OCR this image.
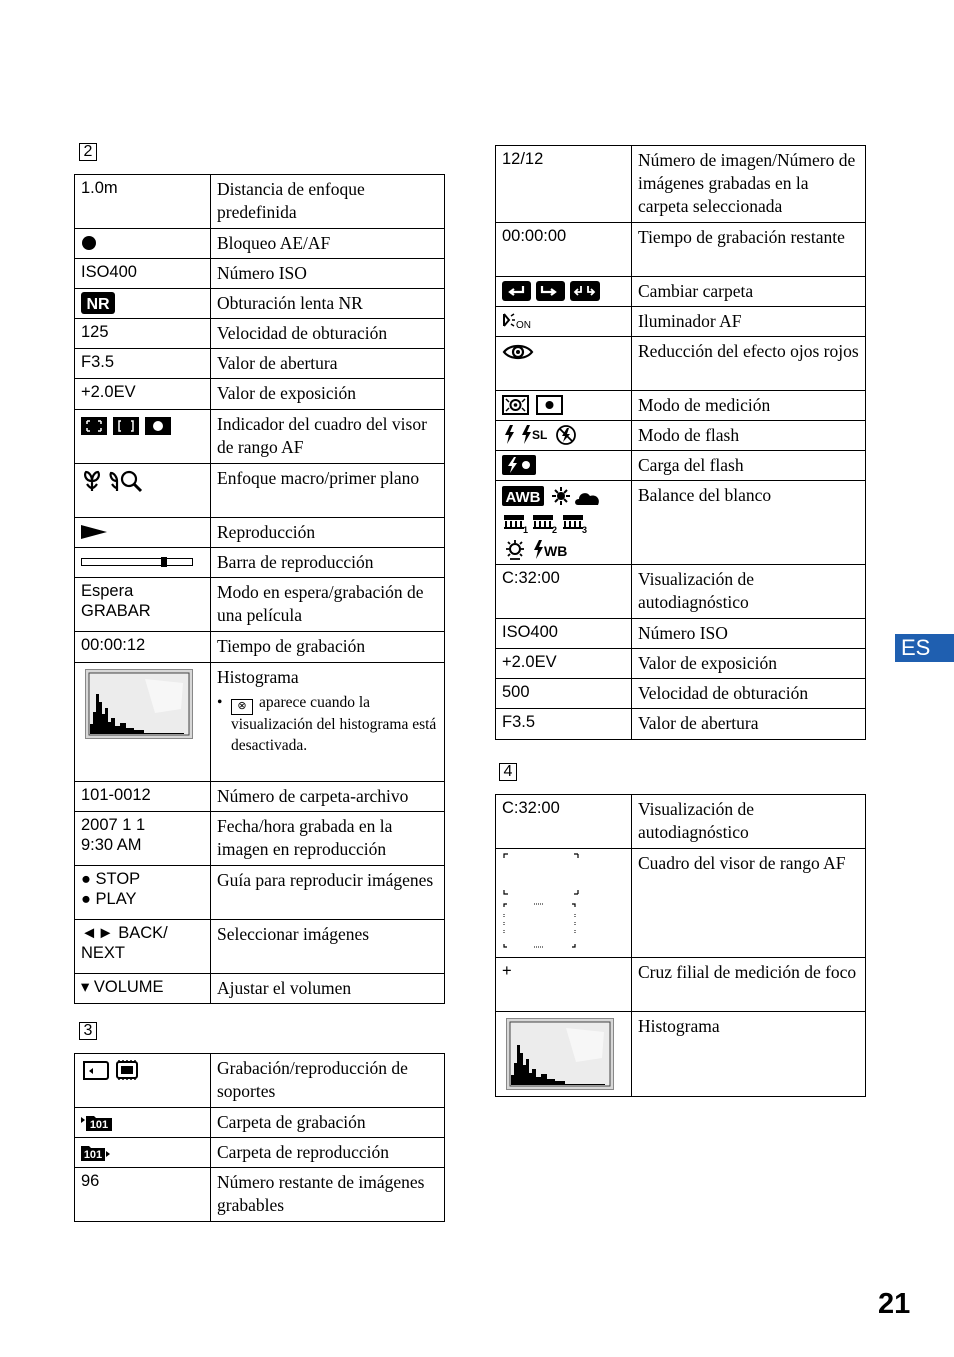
2
3
4
1.0m	Distancia de enfoque predefinida
	Bloqueo AE/AF
ISO400	Número ISO

NR	Obturación lenta NR
125	Velocidad de obturación
F3.5	Valor de abertura
+2.0EV	Valor de exposición
	Indicador del cuadro del visor de rango AF
	Enfoque macro/primer plano
	Reproducción
	Barra de reproducción
Espera
GRABAR	Modo en espera/grabación de una película
00:00:12	Tiempo de grabación

Histograma
• ⊗ aparece cuando la visualización del histograma está desactivada.

101-0012	Número de carpeta-archivo
2007 1 1
9:30 AM	Fecha/hora grabada en la imagen en reproducción
● STOP
● PLAY	Guía para reproducir imágenes
◄► BACK/
NEXT	Seleccionar imágenes
▾ VOLUME	Ajustar el volumen
	Grabación/reproducción de soportes

101	Carpeta de grabación

101	Carpeta de reproducción
96	Número restante de imágenes grabables
12/12	Número de imagen/Número de imágenes grabadas en la carpeta seleccionada
00:00:00	Tiempo de grabación restante
	Cambiar carpeta

ON	Iluminador AF
	Reducción del efecto ojos rojos
	Modo de medición

SL	Modo de flash
	Carga del flash

AWB
1 2 3
WB	Balance del blanco
C:32:00	Visualización de autodiagnóstico
ISO400	Número ISO
+2.0EV	Valor de exposición
500	Velocidad de obturación
F3.5	Valor de abertura
C:32:00	Visualización de autodiagnóstico
	Cuadro del visor de rango AF
+	Cruz filial de medición de foco

	Histograma
ES
21
